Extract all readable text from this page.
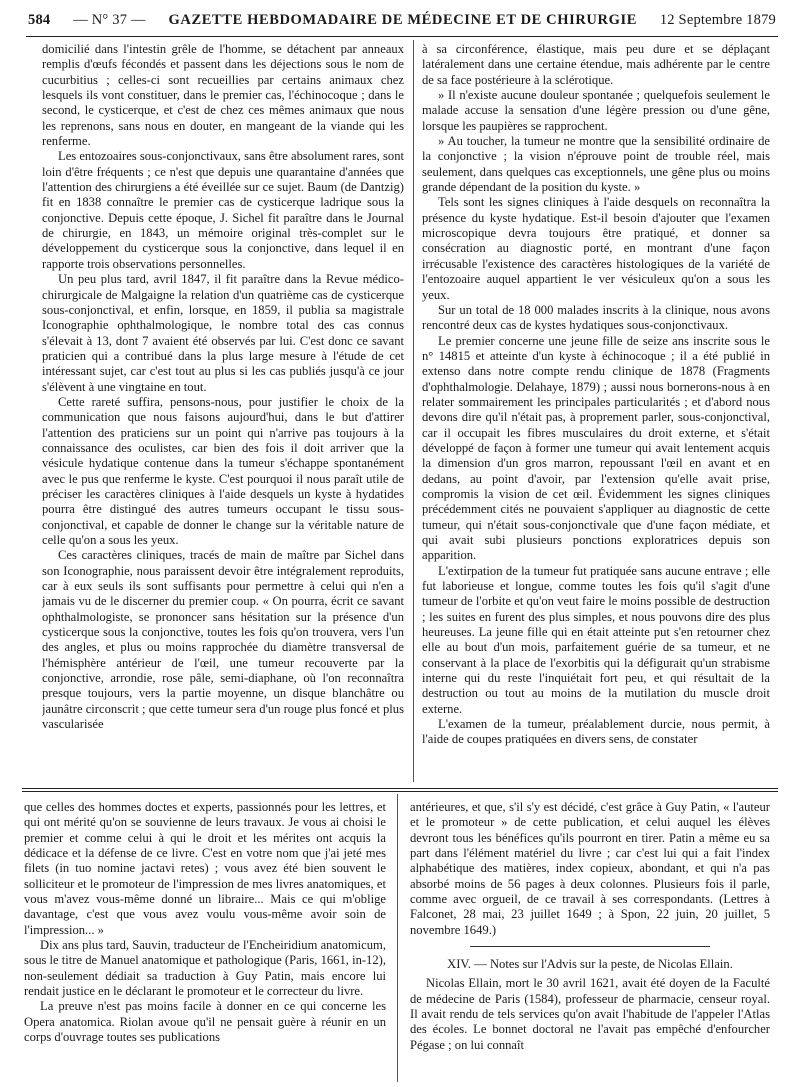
584 — N° 37 — GAZETTE HEBDOMADAIRE DE MÉDECINE ET DE CHIRURGIE 12 Septembre 1879

domicilié dans l'intestin grêle de l'homme, se détachent par anneaux remplis d'œufs fécondés et passent dans les déjections sous le nom de cucurbitius ; celles-ci sont recueillies par certains animaux chez lesquels ils vont constituer, dans le premier cas, l'échinocoque ; dans le second, le cysticerque, et c'est de chez ces mêmes animaux que nous les reprenons, sans nous en douter, en mangeant de la viande qui les renferme.

Les entozoaires sous-conjonctivaux, sans être absolument rares, sont loin d'être fréquents ; ce n'est que depuis une quarantaine d'années que l'attention des chirurgiens a été éveillée sur ce sujet. Baum (de Dantzig) fit en 1838 connaître le premier cas de cysticerque ladrique sous la conjonctive. Depuis cette époque, J. Sichel fit paraître dans le Journal de chirurgie, en 1843, un mémoire original très-complet sur le développement du cysticerque sous la conjonctive, dans lequel il en rapporte trois observations personnelles.

Un peu plus tard, avril 1847, il fit paraître dans la Revue médico-chirurgicale de Malgaigne la relation d'un quatrième cas de cysticerque sous-conjonctival, et enfin, lorsque, en 1859, il publia sa magistrale Iconographie ophthalmologique, le nombre total des cas connus s'élevait à 13, dont 7 avaient été observés par lui. C'est donc ce savant praticien qui a contribué dans la plus large mesure à l'étude de cet intéressant sujet, car c'est tout au plus si les cas publiés jusqu'à ce jour s'élèvent à une vingtaine en tout.

Cette rareté suffira, pensons-nous, pour justifier le choix de la communication que nous faisons aujourd'hui, dans le but d'attirer l'attention des praticiens sur un point qui n'arrive pas toujours à la connaissance des oculistes, car bien des fois il doit arriver que la vésicule hydatique contenue dans la tumeur s'échappe spontanément avec le pus que renferme le kyste. C'est pourquoi il nous paraît utile de préciser les caractères cliniques à l'aide desquels un kyste à hydatides pourra être distingué des autres tumeurs occupant le tissu sous-conjonctival, et capable de donner le change sur la véritable nature de celle qu'on a sous les yeux.

Ces caractères cliniques, tracés de main de maître par Sichel dans son Iconographie, nous paraissent devoir être intégralement reproduits, car à eux seuls ils sont suffisants pour permettre à celui qui n'en a jamais vu de le discerner du premier coup. « On pourra, écrit ce savant ophthalmologiste, se prononcer sans hésitation sur la présence d'un cysticerque sous la conjonctive, toutes les fois qu'on trouvera, vers l'un des angles, et plus ou moins rapprochée du diamètre transversal de l'hémisphère antérieur de l'œil, une tumeur recouverte par la conjonctive, arrondie, rose pâle, semi-diaphane, où l'on reconnaîtra presque toujours, vers la partie moyenne, un disque blanchâtre ou jaunâtre circonscrit ; que cette tumeur sera d'un rouge plus foncé et plus vascularisée

à sa circonférence, élastique, mais peu dure et se déplaçant latéralement dans une certaine étendue, mais adhérente par le centre de sa face postérieure à la sclérotique.

» Il n'existe aucune douleur spontanée ; quelquefois seulement le malade accuse la sensation d'une légère pression ou d'une gêne, lorsque les paupières se rapprochent.

» Au toucher, la tumeur ne montre que la sensibilité ordinaire de la conjonctive ; la vision n'éprouve point de trouble réel, mais seulement, dans quelques cas exceptionnels, une gêne plus ou moins grande dépendant de la position du kyste. »

Tels sont les signes cliniques à l'aide desquels on reconnaîtra la présence du kyste hydatique. Est-il besoin d'ajouter que l'examen microscopique devra toujours être pratiqué, et donner sa consécration au diagnostic porté, en montrant d'une façon irrécusable l'existence des caractères histologiques de la variété de l'entozoaire auquel appartient le ver vésiculeux qu'on a sous les yeux.

Sur un total de 18 000 malades inscrits à la clinique, nous avons rencontré deux cas de kystes hydatiques sous-conjonctivaux.

Le premier concerne une jeune fille de seize ans inscrite sous le n° 14815 et atteinte d'un kyste à échinocoque ; il a été publié in extenso dans notre compte rendu clinique de 1878 (Fragments d'ophthalmologie. Delahaye, 1879) ; aussi nous bornerons-nous à en relater sommairement les principales particularités ; et d'abord nous devons dire qu'il n'était pas, à proprement parler, sous-conjonctival, car il occupait les fibres musculaires du droit externe, et s'était développé de façon à former une tumeur qui avait lentement acquis la dimension d'un gros marron, repoussant l'œil en avant et en dedans, au point d'avoir, par l'extension qu'elle avait prise, compromis la vision de cet œil. Évidemment les signes cliniques précédemment cités ne pouvaient s'appliquer au diagnostic de cette tumeur, qui n'était sous-conjonctivale que d'une façon médiate, et qui avait subi plusieurs ponctions exploratrices depuis son apparition.

L'extirpation de la tumeur fut pratiquée sans aucune entrave ; elle fut laborieuse et longue, comme toutes les fois qu'il s'agit d'une tumeur de l'orbite et qu'on veut faire le moins possible de destruction ; les suites en furent des plus simples, et nous pouvons dire des plus heureuses. La jeune fille qui en était atteinte put s'en retourner chez elle au bout d'un mois, parfaitement guérie de sa tumeur, et ne conservant à la place de l'exorbitis qui la défigurait qu'un strabisme interne qui du reste l'inquiétait fort peu, et qui résultait de la destruction ou tout au moins de la mutilation du muscle droit externe.

L'examen de la tumeur, préalablement durcie, nous permit, à l'aide de coupes pratiquées en divers sens, de constater

que celles des hommes doctes et experts, passionnés pour les lettres, et qui ont mérité qu'on se souvienne de leurs travaux. Je vous ai choisi le premier et comme celui à qui le droit et les mérites ont acquis la dédicace et la défense de ce livre. C'est en votre nom que j'ai jeté mes filets (in tuo nomine jactavi retes) ; vous avez été bien souvent le solliciteur et le promoteur de l'impression de mes livres anatomiques, et vous m'avez vous-même donné un libraire... Mais ce qui m'oblige davantage, c'est que vous avez voulu vous-même avoir soin de l'impression... »

Dix ans plus tard, Sauvin, traducteur de l'Encheiridium anatomicum, sous le titre de Manuel anatomique et pathologique (Paris, 1661, in-12), non-seulement dédiait sa traduction à Guy Patin, mais encore lui rendait justice en le déclarant le promoteur et le correcteur du livre.

La preuve n'est pas moins facile à donner en ce qui concerne les Opera anatomica. Riolan avoue qu'il ne pensait guère à réunir en un corps d'ouvrage toutes ses publications

antérieures, et que, s'il s'y est décidé, c'est grâce à Guy Patin, « l'auteur et le promoteur » de cette publication, et celui auquel les élèves devront tous les bénéfices qu'ils pourront en tirer. Patin a même eu sa part dans l'élément matériel du livre ; car c'est lui qui a fait l'index alphabétique des matières, index copieux, abondant, et qui n'a pas absorbé moins de 56 pages à deux colonnes. Plusieurs fois il parle, comme avec orgueil, de ce travail à ses correspondants. (Lettres à Falconet, 28 mai, 23 juillet 1649 ; à Spon, 22 juin, 20 juillet, 5 novembre 1649.)

XIV. — Notes sur l'Advis sur la peste, de Nicolas Ellain.

Nicolas Ellain, mort le 30 avril 1621, avait été doyen de la Faculté de médecine de Paris (1584), professeur de pharmacie, censeur royal. Il avait rendu de tels services qu'on avait l'habitude de l'appeler l'Atlas des écoles. Le bonnet doctoral ne l'avait pas empêché d'enfourcher Pégase ; on lui connaît
